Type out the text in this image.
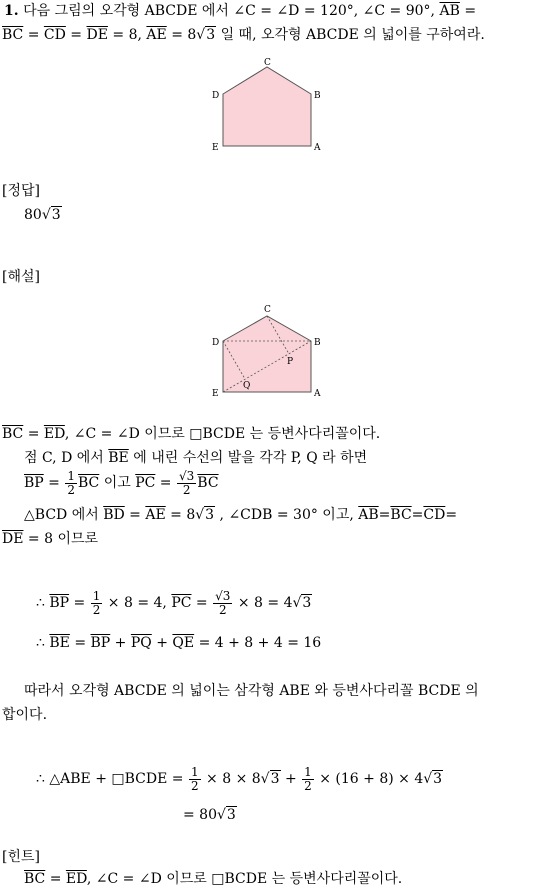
1. 다음 그림의 오각형 ABCDE 에서 ∠C = ∠D = 120°, ∠C = 90°, $\overline{AB}$ =
$\overline{BC} = \overline{CD} = \overline{DE} = 8$, $\overline{AE} = 8√3$ 일 때, 오각형 ABCDE 의 넓이를 구하여라.
C
D	B
E	A
[정답]
80√3
[해설]
C
D	B
P
Q
E	A
$\overline{BC} = \overline{ED}$, ∠C = ∠D 이므로 □BCDE 는 등변사다리꼴이다.
점 C, D 에서 $\overline{BE}$ 에 내린 수선의 발을 각각 P, Q 라 하면
$\overline{BP} = \frac{1}{2} \overline{BC}$ 이고 $\overline{PC} = \frac{√3}{2} \overline{BC}$
△BCD 에서 $\overline{BD} = \overline{AE} = 8√3$ , ∠CDB = 30° 이고, $\overline{AB}=\overline{BC}=\overline{CD}=$
$\overline{DE} = 8$ 이므로
∴ $\overline{BP} = \frac{1}{2} \times 8 = 4$, $\overline{PC} = \frac{√3}{2} \times 8 = 4√3$
∴ $\overline{BE} = \overline{BP} + \overline{PQ} + \overline{QE} = 4 + 8 + 4 = 16$
따라서 오각형 ABCDE 의 넓이는 삼각형 ABE 와 등변사다리꼴 BCDE 의
합이다.
∴ △ABE + □BCDE = $\frac{1}{2} \times 8 \times 8√3 + \frac{1}{2} \times (16 + 8) \times 4√3$
= 80√3
[힌트]
$\overline{BC} = \overline{ED}$, ∠C = ∠D 이므로 □BCDE 는 등변사다리꼴이다.
